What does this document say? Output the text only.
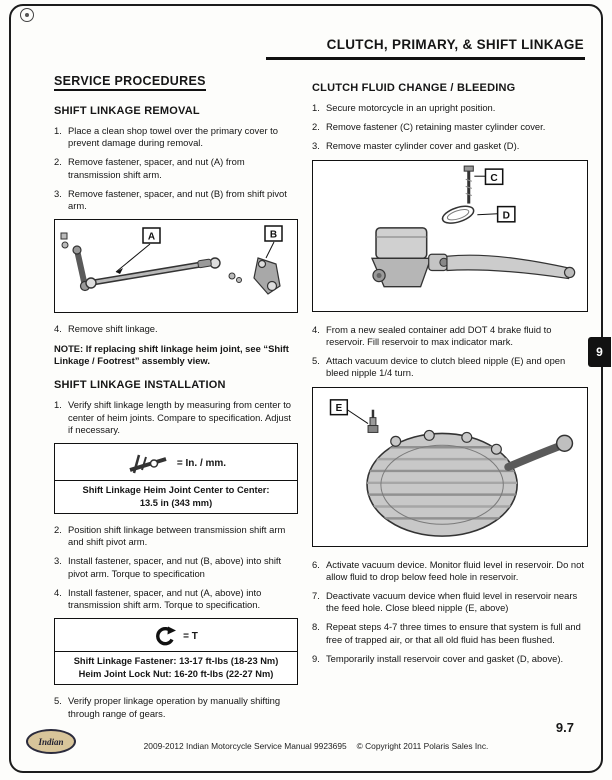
CLUTCH, PRIMARY, & SHIFT LINKAGE
SERVICE PROCEDURES
SHIFT LINKAGE REMOVAL
1. Place a clean shop towel over the primary cover to prevent damage during removal.
2. Remove fastener, spacer, and nut (A) from transmission shift arm.
3. Remove fastener, spacer, and nut (B) from shift pivot arm.
A	B
4. Remove shift linkage.

NOTE: If replacing shift linkage heim joint, see “Shift Linkage / Footrest” assembly view.

SHIFT LINKAGE INSTALLATION
1. Verify shift linkage length by measuring from center to center of heim joints. Compare to specification. Adjust if necessary.
= In. / mm.
Shift Linkage Heim Joint Center to Center:
13.5 in (343 mm)
2. Position shift linkage between transmission shift arm and shift pivot arm.
3. Install fastener, spacer, and nut (B, above) into shift pivot arm. Torque to specification
4. Install fastener, spacer, and nut (A, above) into transmission shift arm. Torque to specification.
= T
Shift Linkage Fastener: 13-17 ft-lbs (18-23 Nm)
Heim Joint Lock Nut: 16-20 ft-lbs (22-27 Nm)
5. Verify proper linkage operation by manually shifting through range of gears.
CLUTCH FLUID CHANGE / BLEEDING
1. Secure motorcycle in an upright position.
2. Remove fastener (C) retaining master cylinder cover.
3. Remove master cylinder cover and gasket (D).
C
D
4. From a new sealed container add DOT 4 brake fluid to reservoir. Fill reservoir to max indicator mark.
5. Attach vacuum device to clutch bleed nipple (E) and open bleed nipple 1/4 turn.
E
6. Activate vacuum device. Monitor fluid level in reservoir. Do not allow fluid to drop below feed hole in reservoir.
7. Deactivate vacuum device when fluid level in reservoir nears the feed hole. Close bleed nipple (E, above)
8. Repeat steps 4-7 three times to ensure that system is full and free of trapped air, or that all old fluid has been flushed.
9. Temporarily install reservoir cover and gasket (D, above).
9
9.7
Indian	2009-2012 Indian Motorcycle Service Manual 9923695 © Copyright 2011 Polaris Sales Inc.
